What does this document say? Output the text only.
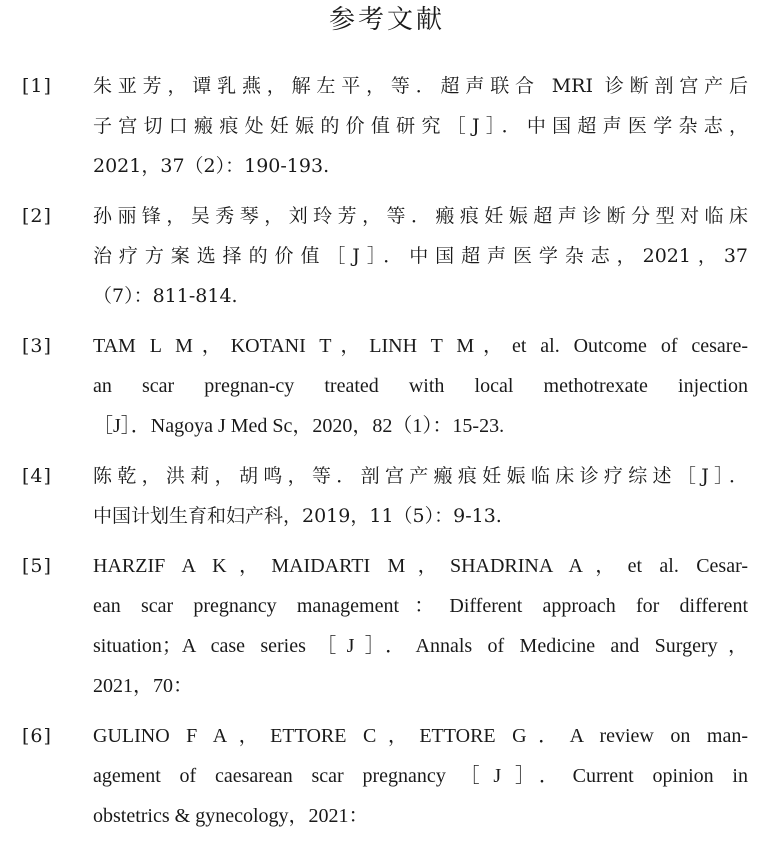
参考文献
[1] 朱亚芳，谭乳燕，解左平，等．超声联合 MRI 诊断剖宫产后
子宫切口瘢痕处妊娠的价值研究［J］．中国超声医学杂志，
2021，37（2）：190-193.
[2] 孙丽锋，吴秀琴，刘玲芳，等．瘢痕妊娠超声诊断分型对临床
治疗方案选择的价值［J］．中国超声医学杂志，2021，37
（7）：811-814.
[3] TAM L M，KOTANI T，LINH T M，et al. Outcome of cesare-
an scar pregnan-cy treated with local methotrexate injection
［J］．Nagoya J Med Sc，2020，82（1）：15-23.
[4] 陈乾，洪莉，胡鸣，等．剖宫产瘢痕妊娠临床诊疗综述［J］．
中国计划生育和妇产科，2019，11（5）：9-13.
[5] HARZIF A K，MAIDARTI M，SHADRINA A，et al. Cesar-
ean scar pregnancy management：Different approach for different
situation；A case series［J］．Annals of Medicine and Surgery，
2021，70：
[6] GULINO F A，ETTORE C，ETTORE G．A review on man-
agement of caesarean scar pregnancy［J］．Current opinion in
obstetrics & gynecology，2021：
